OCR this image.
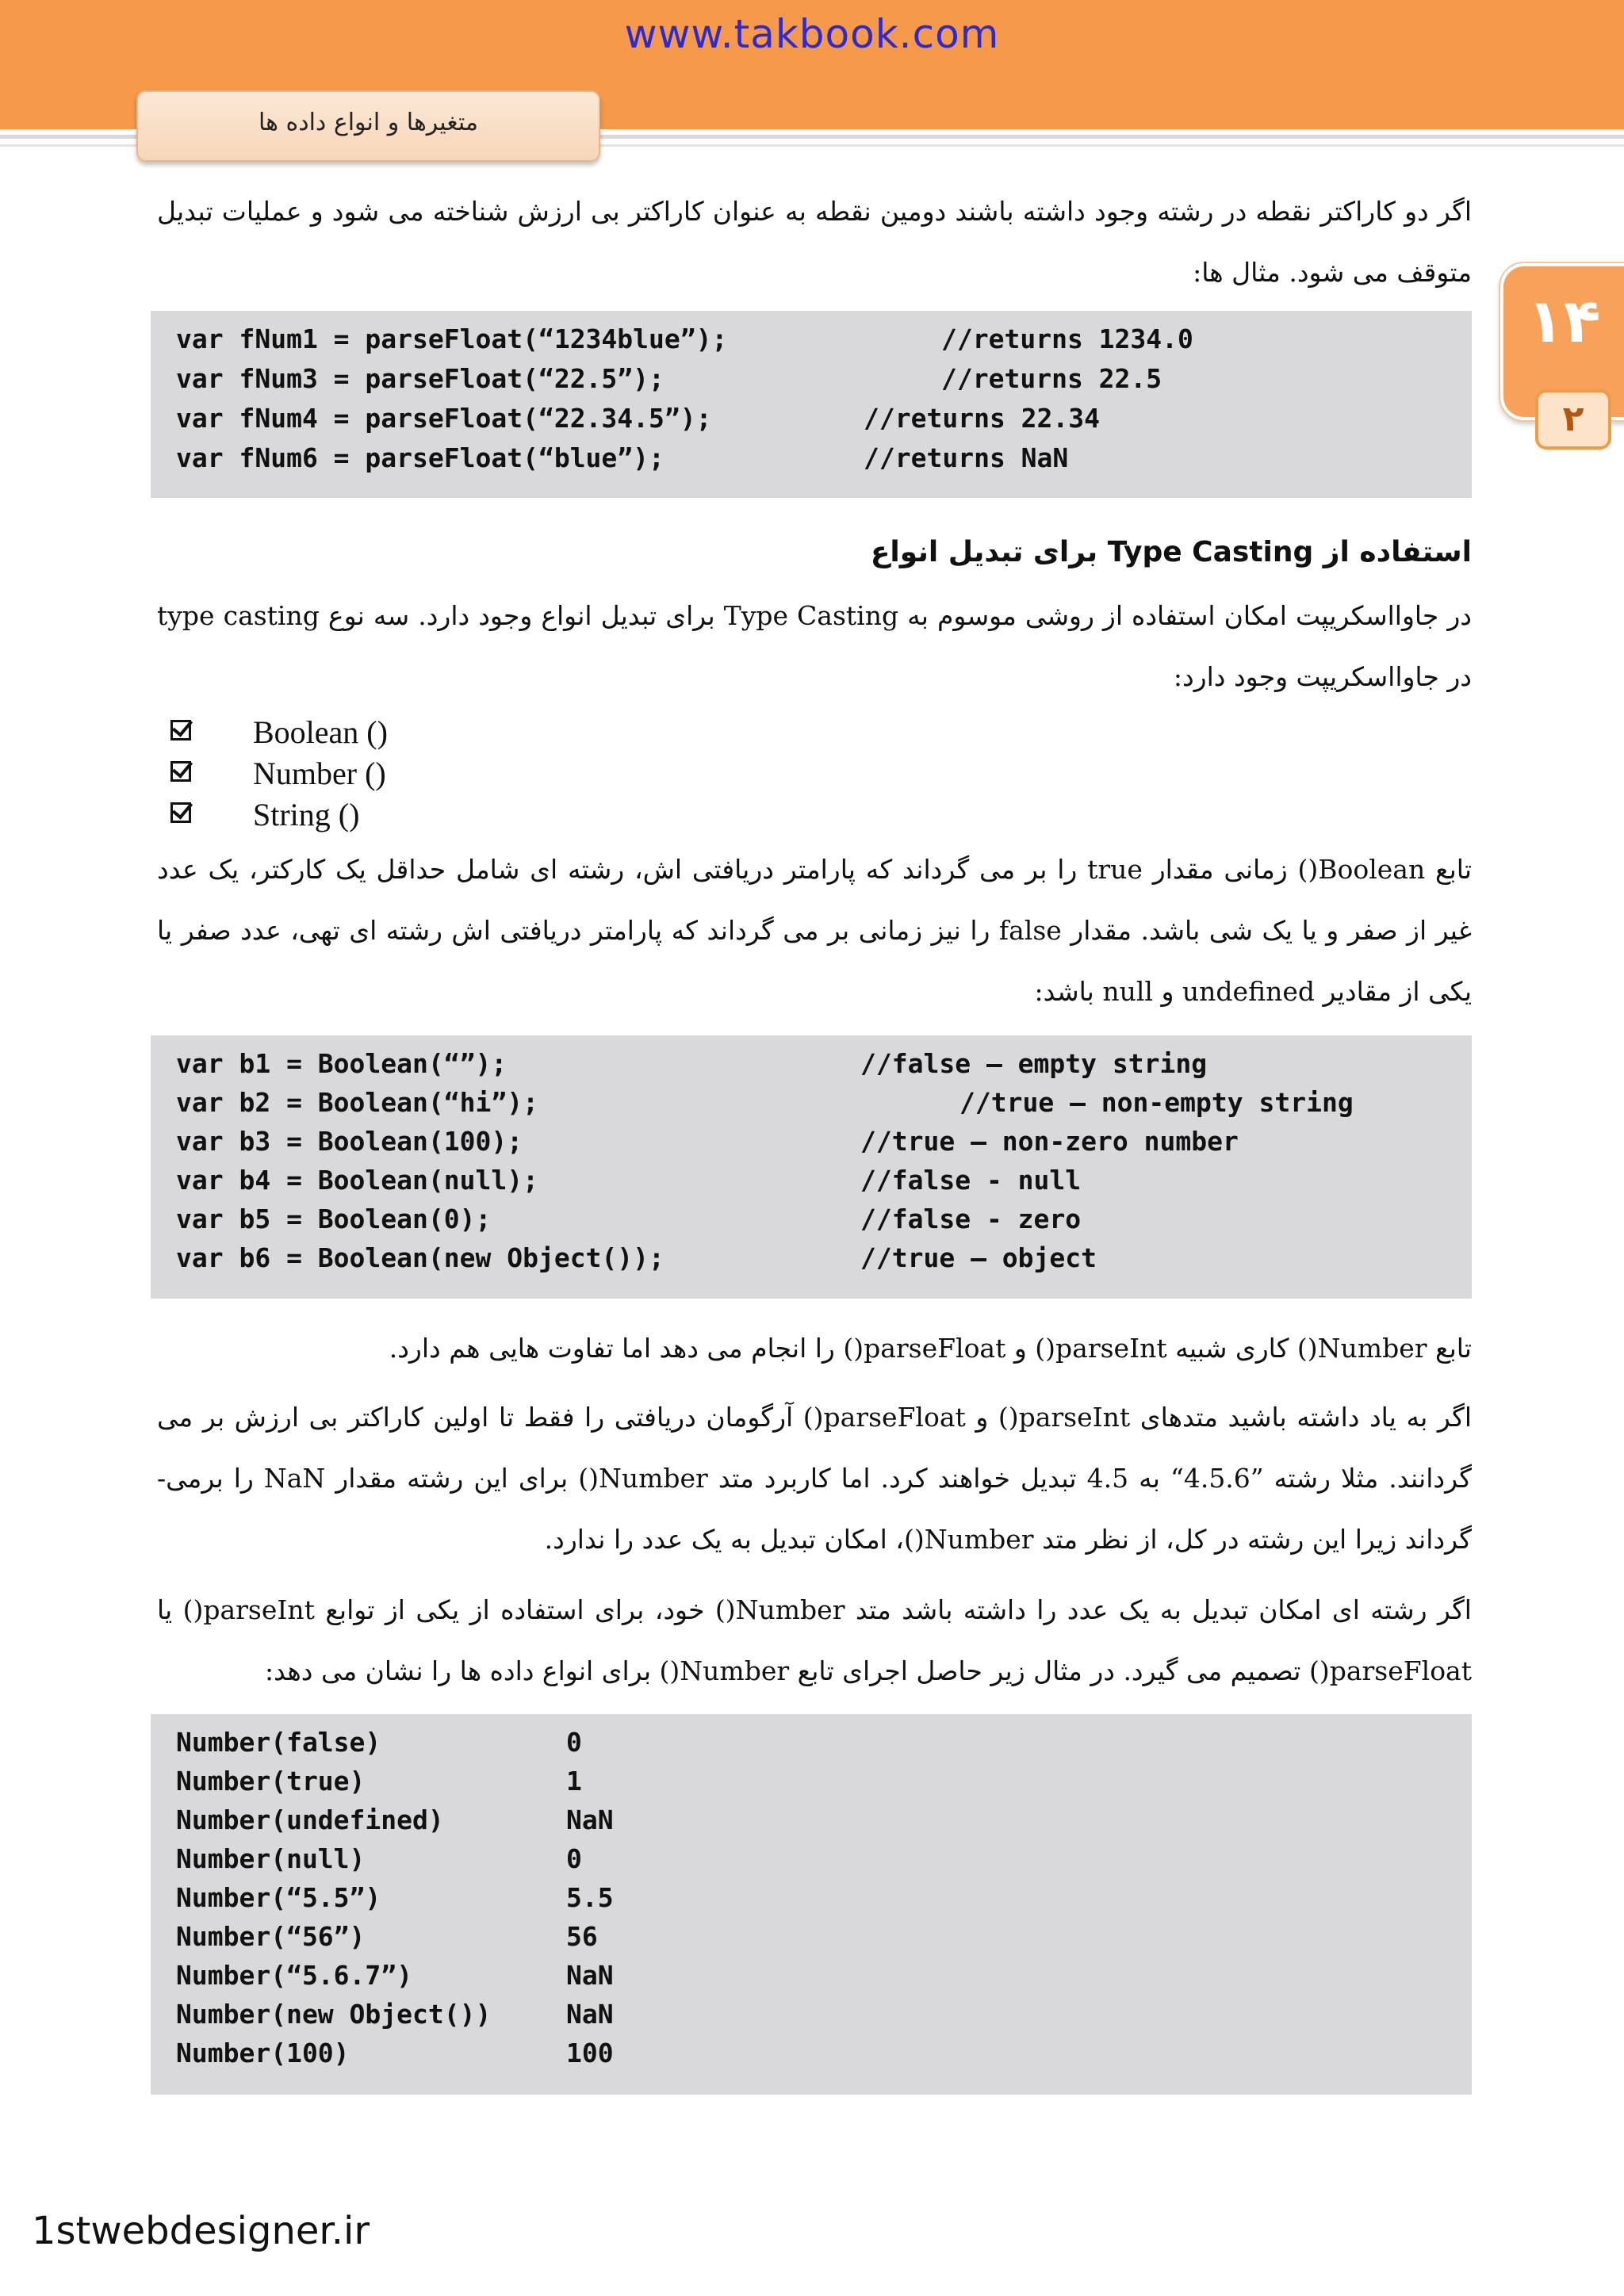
www.takbook.com
متغیرها و انواع داده ها
۱۴
۲
اگر دو کاراکتر نقطه در رشته وجود داشته باشند دومین نقطه به عنوان کاراکتر بی ارزش شناخته می شود و عملیات تبدیل متوقف می شود. مثال ها:
var fNum1 = parseFloat(“1234blue”);	//returns 1234.0
var fNum3 = parseFloat(“22.5”);	//returns 22.5
var fNum4 = parseFloat(“22.34.5”);	//returns 22.34
var fNum6 = parseFloat(“blue”);	//returns NaN
استفاده از Type Casting برای تبدیل انواع
در جاوااسکریپت امکان استفاده از روشی موسوم به Type Casting برای تبدیل انواع وجود دارد. سه نوع type casting در جاوااسکریپت وجود دارد:
Boolean ()
Number ()
String ()
تابع Boolean() زمانی مقدار true را بر می گرداند که پارامتر دریافتی اش، رشته ای شامل حداقل یک کارکتر، یک عدد غیر از صفر و یا یک شی باشد. مقدار false را نیز زمانی بر می گرداند که پارامتر دریافتی اش رشته ای تهی، عدد صفر یا یکی از مقادیر undefined و null باشد:
var b1 = Boolean(“”);	//false – empty string
var b2 = Boolean(“hi”);	//true – non-empty string
var b3 = Boolean(100);	//true – non-zero number
var b4 = Boolean(null);	//false - null
var b5 = Boolean(0);	//false - zero
var b6 = Boolean(new Object());	//true – object
تابع Number() کاری شبیه parseInt() و parseFloat() را انجام می دهد اما تفاوت هایی هم دارد.
اگر به یاد داشته باشید متدهای parseInt() و parseFloat() آرگومان دریافتی را فقط تا اولین کاراکتر بی ارزش بر می گردانند. مثلا رشته ”4.5.6“ به 4.5 تبدیل خواهند کرد. اما کاربرد متد Number() برای این رشته مقدار NaN را برمی-گرداند زیرا این رشته در کل، از نظر متد Number()، امکان تبدیل به یک عدد را ندارد.
اگر رشته ای امکان تبدیل به یک عدد را داشته باشد متد Number() خود، برای استفاده از یکی از توابع parseInt() یا parseFloat() تصمیم می گیرد. در مثال زیر حاصل اجرای تابع Number() برای انواع داده ها را نشان می دهد:
Number(false)	0
Number(true)	1
Number(undefined)	NaN
Number(null)	0
Number(“5.5”)	5.5
Number(“56”)	56
Number(“5.6.7”)	NaN
Number(new Object())	NaN
Number(100)	100
1stwebdesigner.ir
